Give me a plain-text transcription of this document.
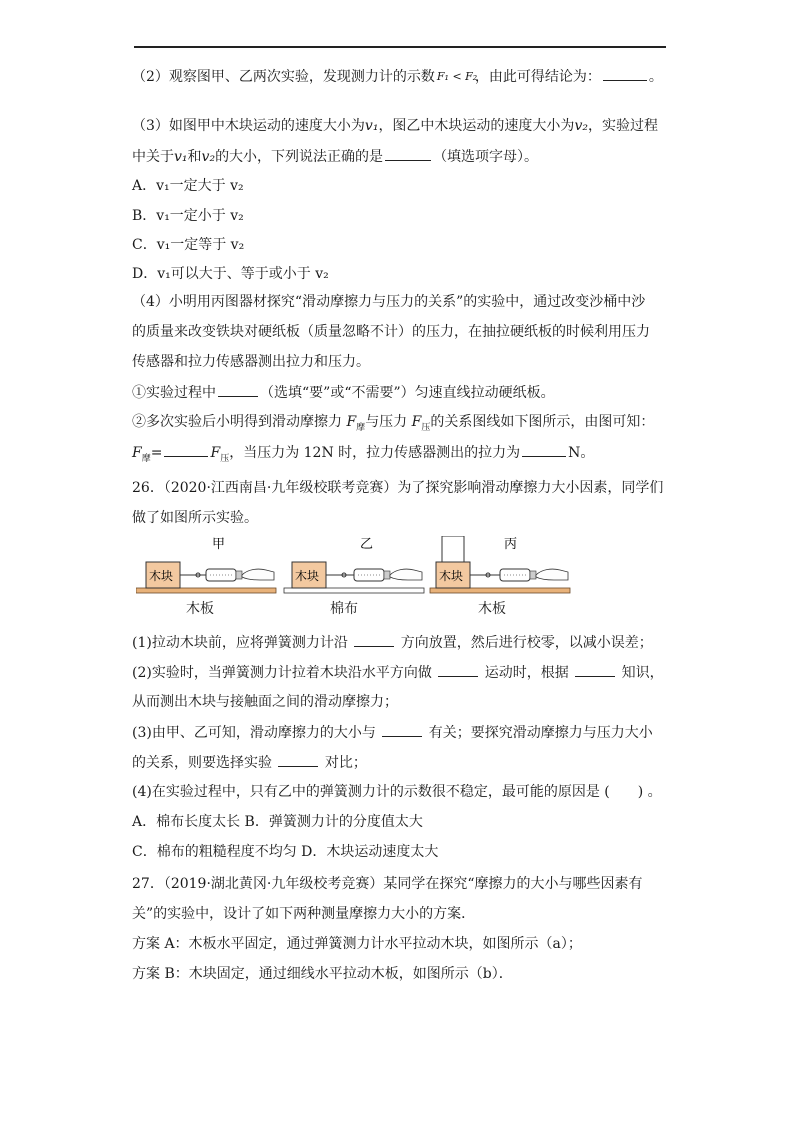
（2）观察图甲、乙两次实验，发现测力计的示数 F₁ < F₂
，由此可得结论为：	。
（3）如图甲中木块运动的速度大小为v₁，图乙中木块运动的速度大小为v₂，实验过程
中关于v₁和v₂的大小，下列说法正确的是	（填选项字母）。
A．v₁一定大于 v₂
B．v₁一定小于 v₂
C．v₁一定等于 v₂
D．v₁可以大于、等于或小于 v₂
（4）小明用丙图器材探究“滑动摩擦力与压力的关系”的实验中，通过改变沙桶中沙
的质量来改变铁块对硬纸板（质量忽略不计）的压力，在抽拉硬纸板的时候利用压力
传感器和拉力传感器测出拉力和压力。
①实验过程中	（选填“要”或“不需要”）匀速直线拉动硬纸板。
②多次实验后小明得到滑动摩擦力 $F_摩$与压力 $F_压$的关系图线如下图所示，由图可知：
$F_摩=$	$F_压$，当压力为 12N 时，拉力传感器测出的拉力为	N。
26．（2020·江西南昌·九年级校联考竞赛）为了探究影响滑动摩擦力大小因素，同学们
做了如图所示实验。
甲
木块
乙
木块
丙
木块
木板	棉布	木板
(1)拉动木块前，应将弹簧测力计沿	方向放置，然后进行校零，以减小误差；
(2)实验时，当弹簧测力计拉着木块沿水平方向做	运动时，根据	知识，
从而测出木块与接触面之间的滑动摩擦力；
(3)由甲、乙可知，滑动摩擦力的大小与	有关；要探究滑动摩擦力与压力大小
的关系，则要选择实验	对比；
(4)在实验过程中，只有乙中的弹簧测力计的示数很不稳定，最可能的原因是 (　　) 。
A．棉布长度太长 B．弹簧测力计的分度值太大
C．棉布的粗糙程度不均匀 D．木块运动速度太大
27．（2019·湖北黄冈·九年级校考竞赛）某同学在探究“摩擦力的大小与哪些因素有
关”的实验中，设计了如下两种测量摩擦力大小的方案．
方案 A：木板水平固定，通过弹簧测力计水平拉动木块，如图所示（a）；
方案 B：木块固定，通过细线水平拉动木板，如图所示（b）．
